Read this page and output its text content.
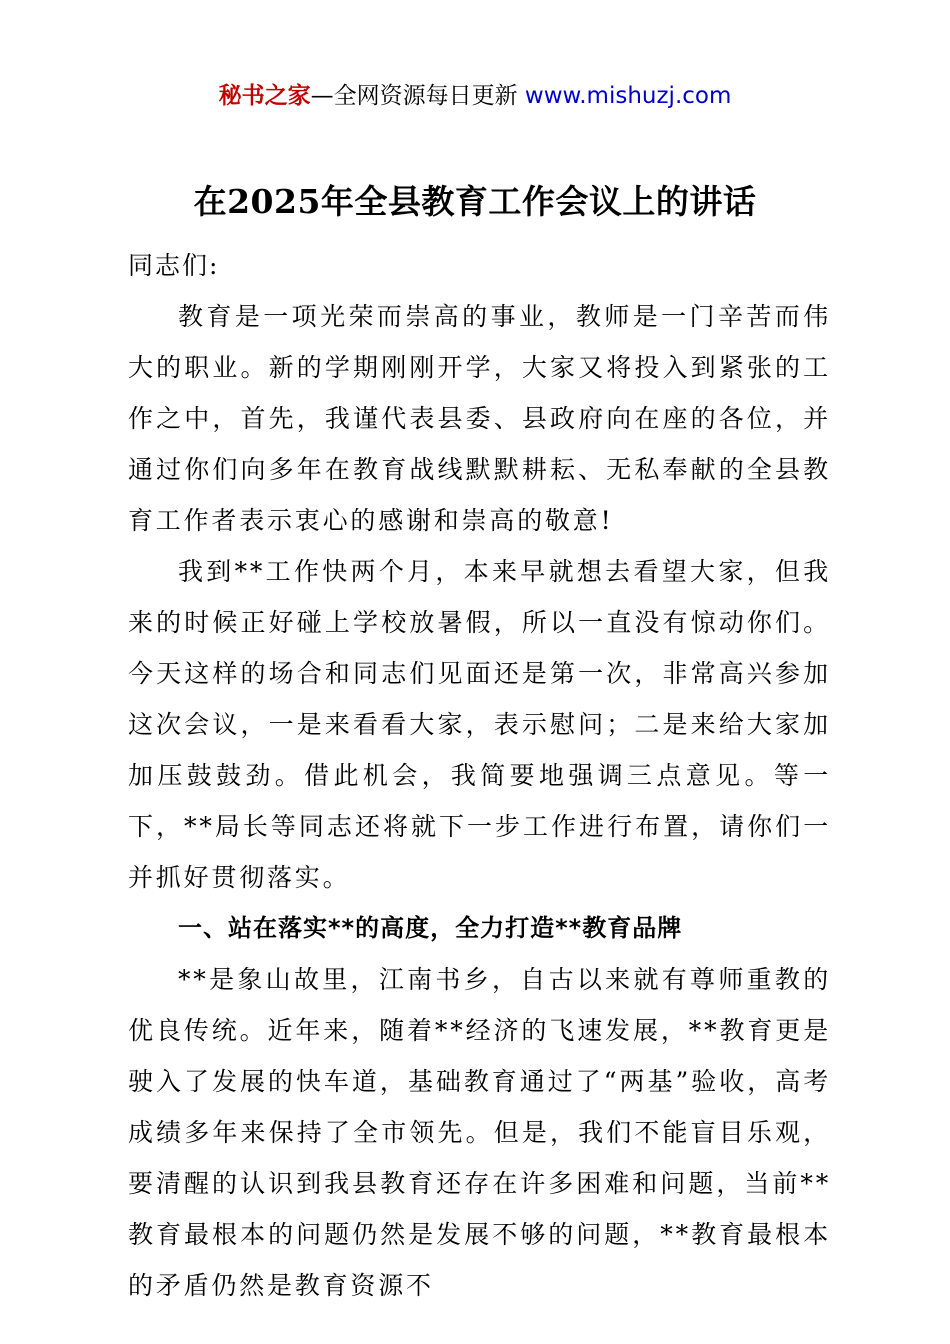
秘书之家—全网资源每日更新 www.mishuzj.com
在2025年全县教育工作会议上的讲话

同志们:

教育是一项光荣而崇高的事业，教师是一门辛苦而伟大的职业。新的学期刚刚开学，大家又将投入到紧张的工作之中，首先，我谨代表县委、县政府向在座的各位，并通过你们向多年在教育战线默默耕耘、无私奉献的全县教育工作者表示衷心的感谢和崇高的敬意!

我到**工作快两个月，本来早就想去看望大家，但我来的时候正好碰上学校放暑假，所以一直没有惊动你们。今天这样的场合和同志们见面还是第一次，非常高兴参加这次会议，一是来看看大家，表示慰问；二是来给大家加加压鼓鼓劲。借此机会，我简要地强调三点意见。等一下，**局长等同志还将就下一步工作进行布置，请你们一并抓好贯彻落实。

一、站在落实**的高度，全力打造**教育品牌

**是象山故里，江南书乡，自古以来就有尊师重教的优良传统。近年来，随着**经济的飞速发展，**教育更是驶入了发展的快车道，基础教育通过了“两基”验收，高考成绩多年来保持了全市领先。但是，我们不能盲目乐观，要清醒的认识到我县教育还存在许多困难和问题，当前**教育最根本的问题仍然是发展不够的问题，**教育最根本的矛盾仍然是教育资源不
